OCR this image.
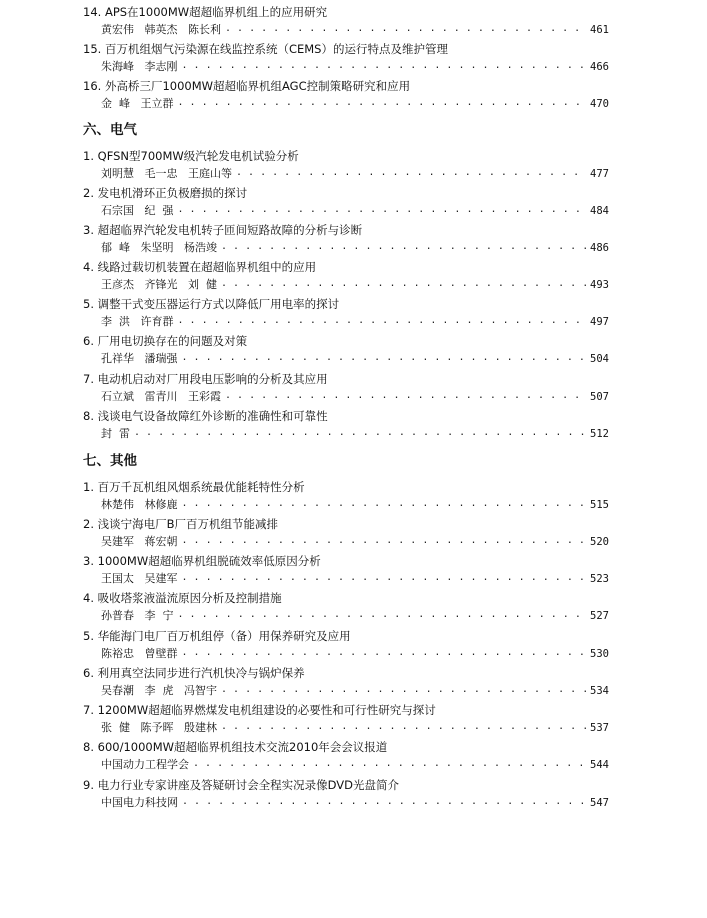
14. APS在1000MW超超临界机组上的应用研究
黄宏伟   韩英杰   陈长利 . . .	461
15. 百万机组烟气污染源在线监控系统（CEMS）的运行特点及维护管理
朱海峰   李志刚 . . .	466
16. 外高桥三厂1000MW超超临界机组AGC控制策略研究和应用
金  峰   王立群 . . .	470
六、电气
1. QFSN型700MW级汽轮发电机试验分析
刘明慧   毛一忠   王庭山等 . . .	477
2. 发电机滑环正负极磨损的探讨
石宗国   纪  强 . . .	484
3. 超超临界汽轮发电机转子匝间短路故障的分析与诊断
郁  峰   朱坚明   杨浩竣 . . .	486
4. 线路过载切机装置在超超临界机组中的应用
王彦杰   齐锋光   刘  健 . . .	493
5. 调整干式变压器运行方式以降低厂用电率的探讨
李  洪   许育群 . . .	497
6. 厂用电切换存在的问题及对策
孔祥华   潘瑞强 . . .	504
7. 电动机启动对厂用段电压影响的分析及其应用
石立斌   雷青川   王彩霞 . . .	507
8. 浅谈电气设备故障红外诊断的准确性和可靠性
封  雷 . . .	512
七、其他
1. 百万千瓦机组风烟系统最优能耗特性分析
林楚伟   林修鹿 . . .	515
2. 浅谈宁海电厂B厂百万机组节能减排
吴建军   蒋宏朝 . . .	520
3. 1000MW超超临界机组脱硫效率低原因分析
王国太   吴建军 . . .	523
4. 吸收塔浆液溢流原因分析及控制措施
孙普春   李  宁 . . .	527
5. 华能海门电厂百万机组停（备）用保养研究及应用
陈裕忠   曾壁群 . . .	530
6. 利用真空法同步进行汽机快冷与锅炉保养
吴春潮   李  虎   冯智宇 . . .	534
7. 1200MW超超临界燃煤发电机组建设的必要性和可行性研究与探讨
张  健   陈予晖   殷建林 . . .	537
8. 600/1000MW超超临界机组技术交流2010年会会议报道
中国动力工程学会 . . .	544
9. 电力行业专家讲座及答疑研讨会全程实况录像DVD光盘简介
中国电力科技网 . . .	547
